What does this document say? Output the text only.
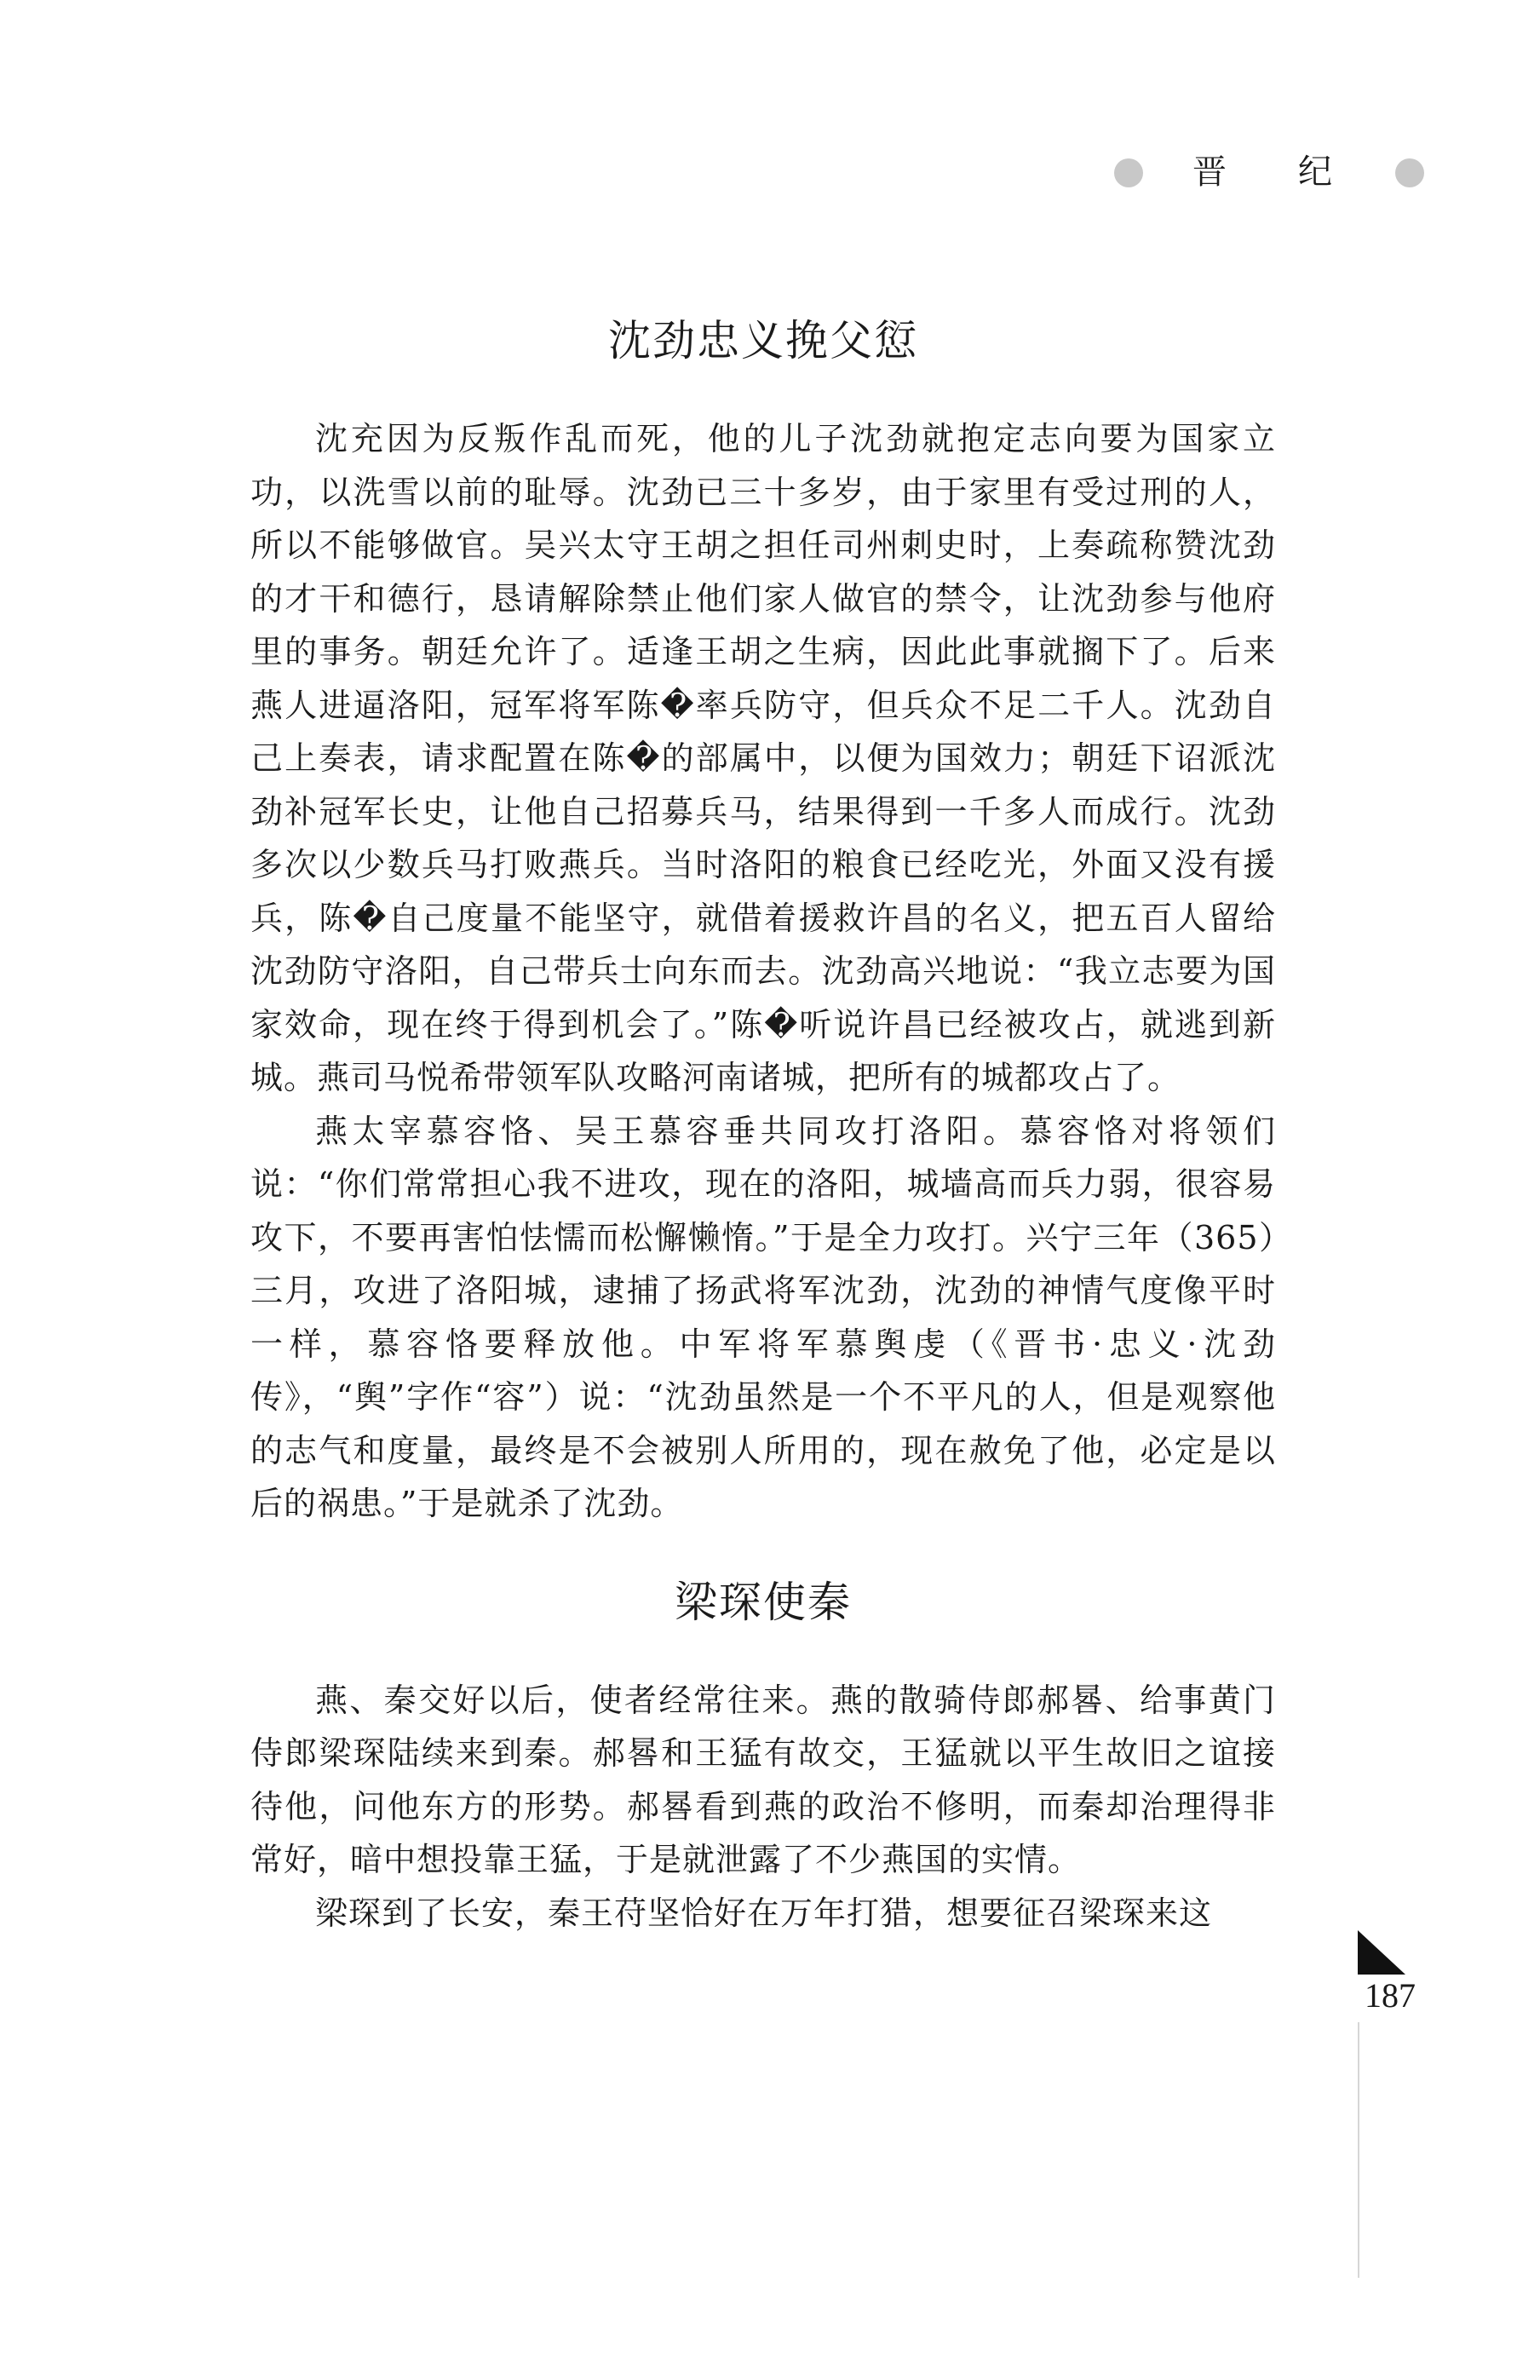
晋 纪
沈劲忠义挽父愆

沈充因为反叛作乱而死，他的儿子沈劲就抱定志向要为国家立功，以洗雪以前的耻辱。沈劲已三十多岁，由于家里有受过刑的人，所以不能够做官。吴兴太守王胡之担任司州刺史时，上奏疏称赞沈劲的才干和德行，恳请解除禁止他们家人做官的禁令，让沈劲参与他府里的事务。朝廷允许了。适逢王胡之生病，因此此事就搁下了。后来燕人进逼洛阳，冠军将军陈�率兵防守，但兵众不足二千人。沈劲自己上奏表，请求配置在陈�的部属中，以便为国效力；朝廷下诏派沈劲补冠军长史，让他自己招募兵马，结果得到一千多人而成行。沈劲多次以少数兵马打败燕兵。当时洛阳的粮食已经吃光，外面又没有援兵，陈�自己度量不能坚守，就借着援救许昌的名义，把五百人留给沈劲防守洛阳，自己带兵士向东而去。沈劲高兴地说：“我立志要为国家效命，现在终于得到机会了。”陈�听说许昌已经被攻占，就逃到新城。燕司马悦希带领军队攻略河南诸城，把所有的城都攻占了。

燕太宰慕容恪、吴王慕容垂共同攻打洛阳。慕容恪对将领们说：“你们常常担心我不进攻，现在的洛阳，城墙高而兵力弱，很容易攻下，不要再害怕怯懦而松懈懒惰。”于是全力攻打。兴宁三年（365）三月，攻进了洛阳城，逮捕了扬武将军沈劲，沈劲的神情气度像平时一样，慕容恪要释放他。中军将军慕舆虔（《晋书·忠义·沈劲传》，“舆”字作“容”）说：“沈劲虽然是一个不平凡的人，但是观察他的志气和度量，最终是不会被别人所用的，现在赦免了他，必定是以后的祸患。”于是就杀了沈劲。

梁琛使秦

燕、秦交好以后，使者经常往来。燕的散骑侍郎郝晷、给事黄门侍郎梁琛陆续来到秦。郝晷和王猛有故交，王猛就以平生故旧之谊接待他，问他东方的形势。郝晷看到燕的政治不修明，而秦却治理得非常好，暗中想投靠王猛，于是就泄露了不少燕国的实情。

梁琛到了长安，秦王苻坚恰好在万年打猎，想要征召梁琛来这

187
